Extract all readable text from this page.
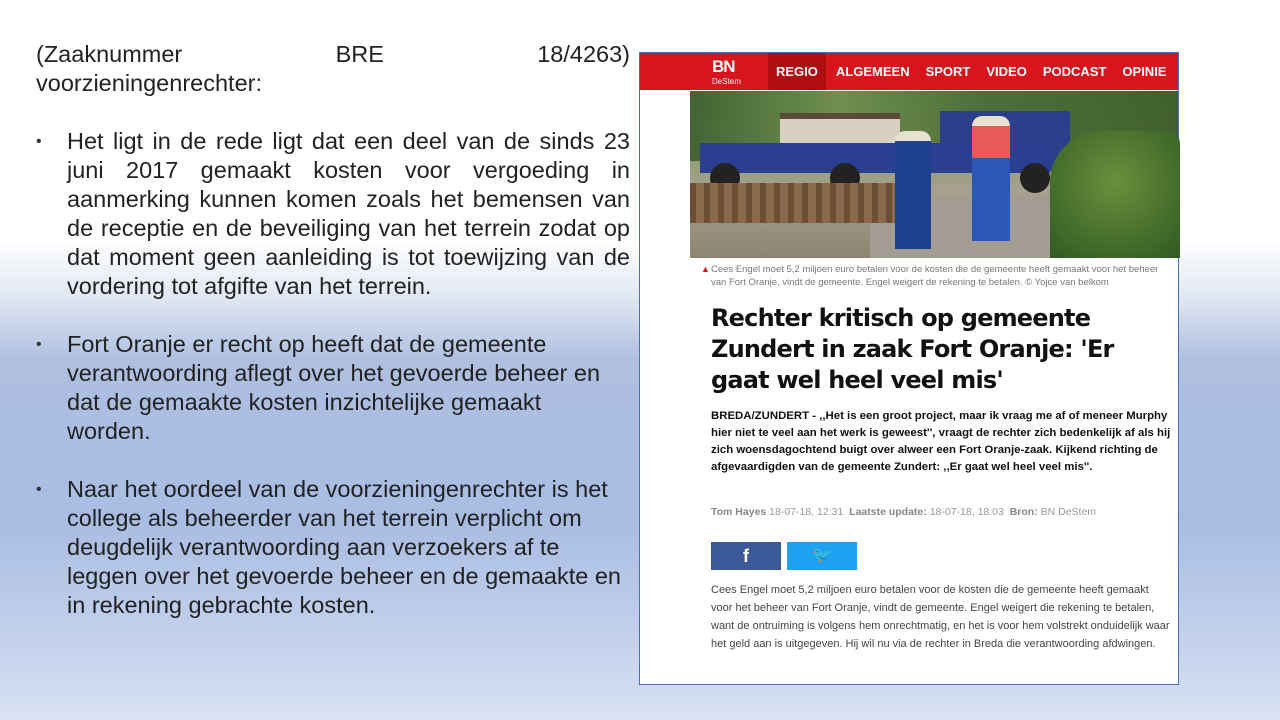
(Zaaknummer BRE 18/4263)
voorzieningenrechter:
• Het ligt in de rede ligt dat een deel van de sinds 23 juni 2017 gemaakt kosten voor vergoeding in aanmerking kunnen komen zoals het bemensen van de receptie en de beveiliging van het terrein zodat op dat moment geen aanleiding is tot toewijzing van de vordering tot afgifte van het terrein.
• Fort Oranje er recht op heeft dat de gemeente verantwoording aflegt over het gevoerde beheer en dat de gemaakte kosten inzichtelijke gemaakt worden.
• Naar het oordeel van de voorzieningenrechter is het college als beheerder van het terrein verplicht om deugdelijk verantwoording aan verzoekers af te leggen over het gevoerde beheer en de gemaakte en in rekening gebrachte kosten.
BN
DeStem
REGIO	ALGEMEEN	SPORT	VIDEO	PODCAST	OPINIE	PUZ
▲ Cees Engel moet 5,2 miljoen euro betalen voor de kosten die de gemeente heeft gemaakt voor het beheer van Fort Oranje, vindt de gemeente. Engel weigert de rekening te betalen. © Yojce van belkom
Rechter kritisch op gemeente Zundert in zaak Fort Oranje: 'Er gaat wel heel veel mis'
BREDA/ZUNDERT - ,,Het is een groot project, maar ik vraag me af of meneer Murphy hier niet te veel aan het werk is geweest'', vraagt de rechter zich bedenkelijk af als hij zich woensdagochtend buigt over alweer een Fort Oranje-zaak. Kijkend richting de afgevaardigden van de gemeente Zundert: ,,Er gaat wel heel veel mis''.
Tom Hayes 18-07-18, 12:31 Laatste update: 18-07-18, 18:03 Bron: BN DeStem
f	🐦
Cees Engel moet 5,2 miljoen euro betalen voor de kosten die de gemeente heeft gemaakt voor het beheer van Fort Oranje, vindt de gemeente. Engel weigert die rekening te betalen, want de ontruiming is volgens hem onrechtmatig, en het is voor hem volstrekt onduidelijk waar het geld aan is uitgegeven. Hij wil nu via de rechter in Breda die verantwoording afdwingen.
